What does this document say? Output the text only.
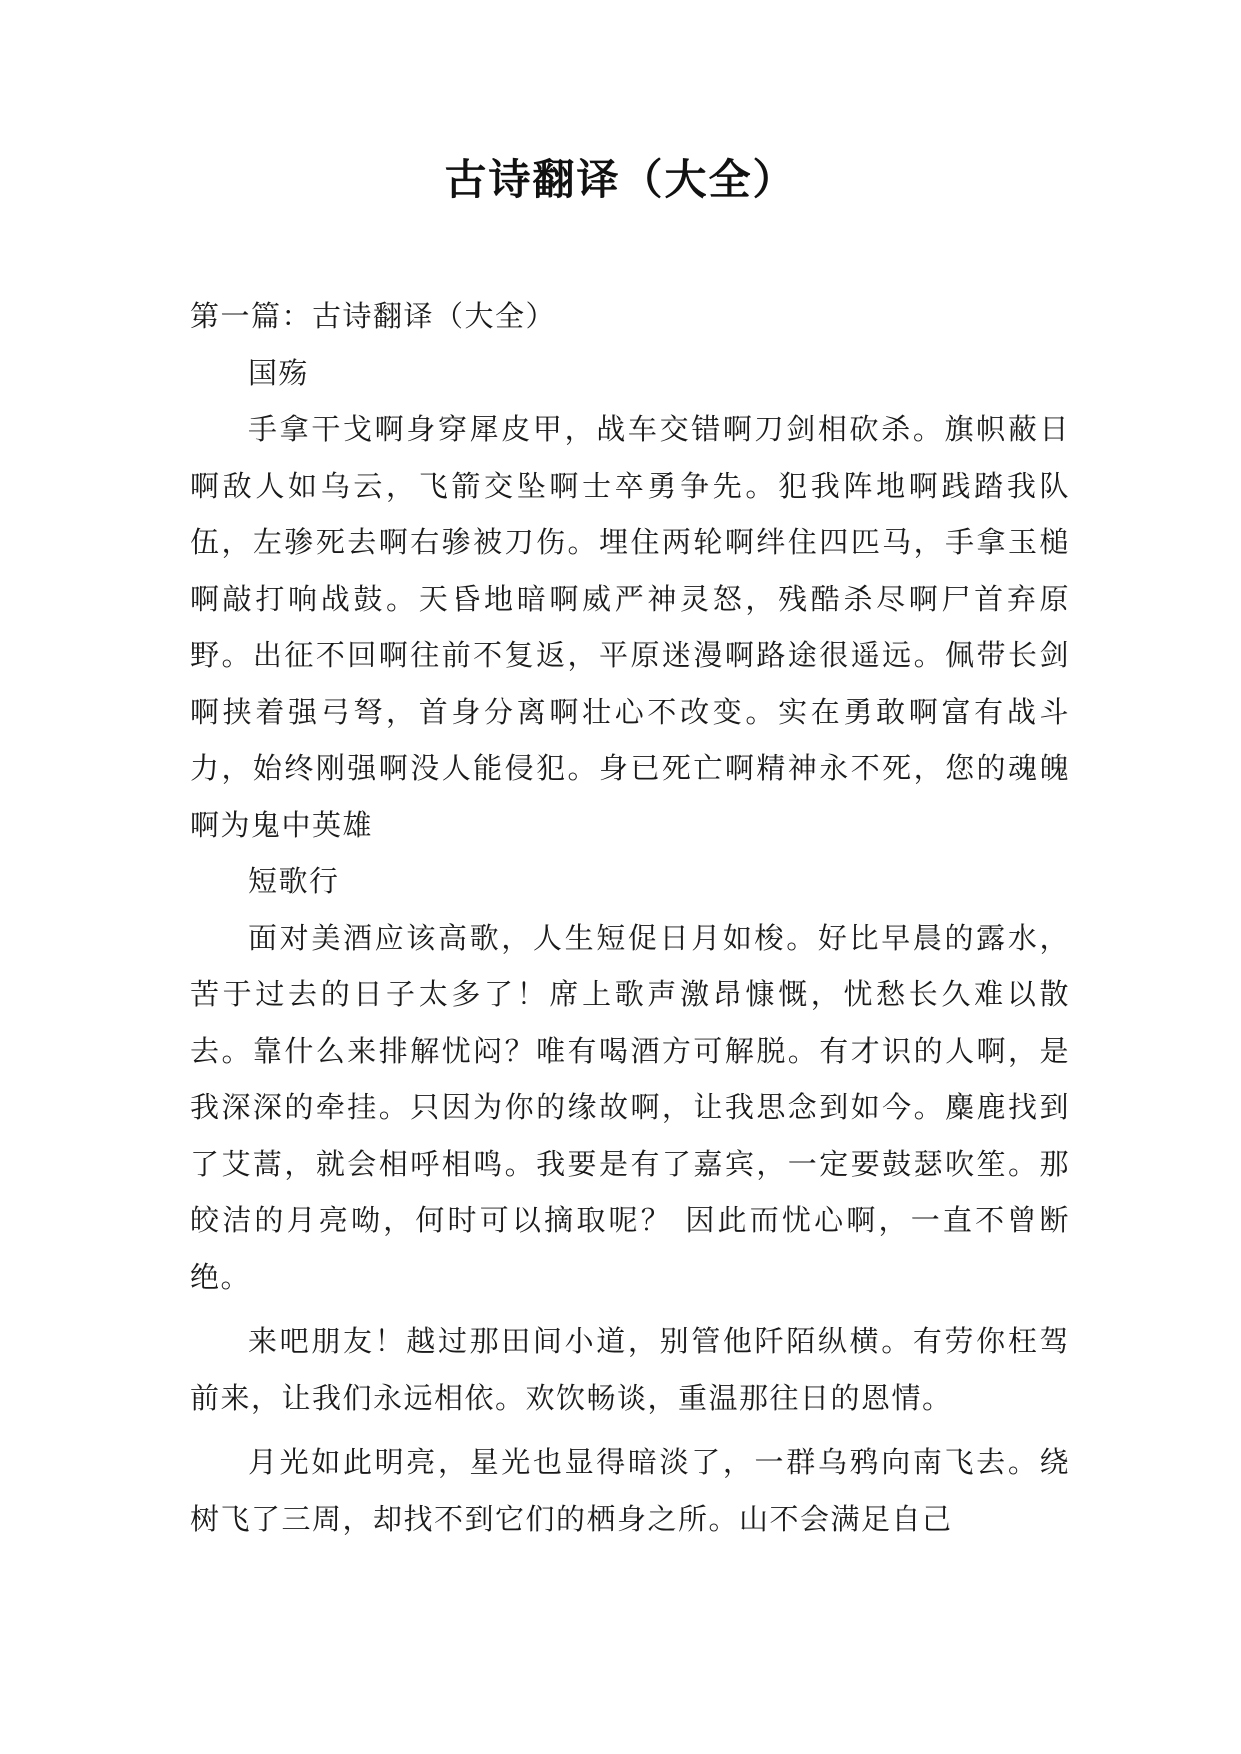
古诗翻译（大全）

第一篇：古诗翻译（大全）

国殇

手拿干戈啊身穿犀皮甲，战车交错啊刀剑相砍杀。旗帜蔽日啊敌人如乌云，飞箭交坠啊士卒勇争先。犯我阵地啊践踏我队伍，左骖死去啊右骖被刀伤。埋住两轮啊绊住四匹马，手拿玉槌啊敲打响战鼓。天昏地暗啊威严神灵怒，残酷杀尽啊尸首弃原野。出征不回啊往前不复返，平原迷漫啊路途很遥远。佩带长剑啊挟着强弓弩，首身分离啊壮心不改变。实在勇敢啊富有战斗力，始终刚强啊没人能侵犯。身已死亡啊精神永不死，您的魂魄啊为鬼中英雄

短歌行

面对美酒应该高歌，人生短促日月如梭。好比早晨的露水，苦于过去的日子太多了！席上歌声激昂慷慨，忧愁长久难以散去。靠什么来排解忧闷？唯有喝酒方可解脱。有才识的人啊，是我深深的牵挂。只因为你的缘故啊，让我思念到如今。麋鹿找到了艾蒿，就会相呼相鸣。我要是有了嘉宾，一定要鼓瑟吹笙。那皎洁的月亮呦，何时可以摘取呢？ 因此而忧心啊，一直不曾断绝。

来吧朋友！越过那田间小道，别管他阡陌纵横。有劳你枉驾前来，让我们永远相依。欢饮畅谈，重温那往日的恩情。

月光如此明亮，星光也显得暗淡了，一群乌鸦向南飞去。绕树飞了三周，却找不到它们的栖身之所。山不会满足自己
